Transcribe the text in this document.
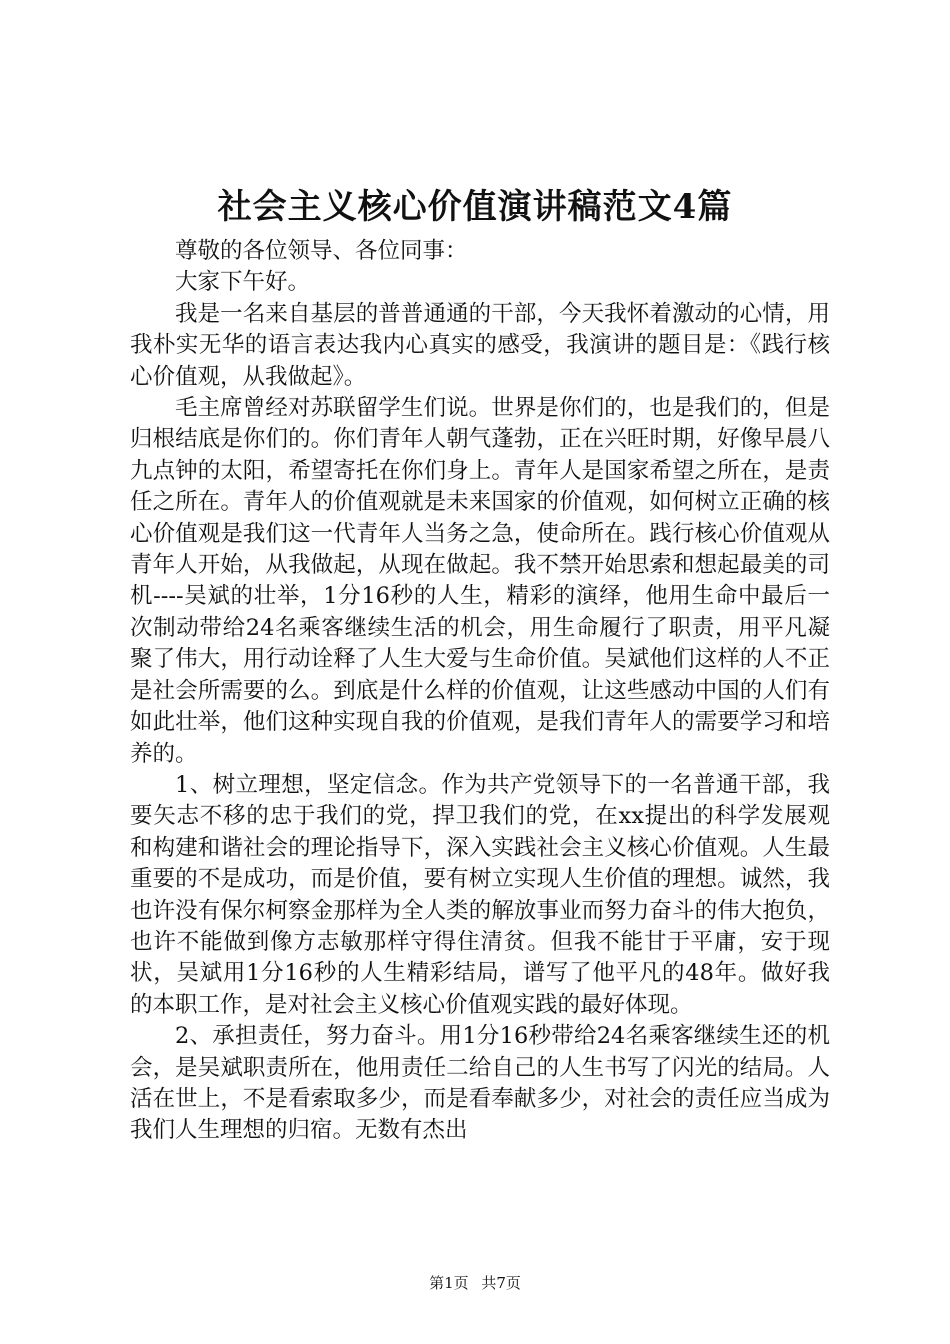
社会主义核心价值演讲稿范文4篇

尊敬的各位领导、各位同事：

大家下午好。

我是一名来自基层的普普通通的干部，今天我怀着激动的心情，用我朴实无华的语言表达我内心真实的感受，我演讲的题目是：《践行核心价值观，从我做起》。

毛主席曾经对苏联留学生们说。世界是你们的，也是我们的，但是归根结底是你们的。你们青年人朝气蓬勃，正在兴旺时期，好像早晨八九点钟的太阳，希望寄托在你们身上。青年人是国家希望之所在，是责任之所在。青年人的价值观就是未来国家的价值观，如何树立正确的核心价值观是我们这一代青年人当务之急，使命所在。践行核心价值观从青年人开始，从我做起，从现在做起。我不禁开始思索和想起最美的司机----吴斌的壮举，1分16秒的人生，精彩的演绎，他用生命中最后一次制动带给24名乘客继续生活的机会，用生命履行了职责，用平凡凝聚了伟大，用行动诠释了人生大爱与生命价值。吴斌他们这样的人不正是社会所需要的么。到底是什么样的价值观，让这些感动中国的人们有如此壮举，他们这种实现自我的价值观，是我们青年人的需要学习和培养的。

1、树立理想，坚定信念。作为共产党领导下的一名普通干部，我要矢志不移的忠于我们的党，捍卫我们的党，在xx提出的科学发展观和构建和谐社会的理论指导下，深入实践社会主义核心价值观。人生最重要的不是成功，而是价值，要有树立实现人生价值的理想。诚然，我也许没有保尔柯察金那样为全人类的解放事业而努力奋斗的伟大抱负，也许不能做到像方志敏那样守得住清贫。但我不能甘于平庸，安于现状，吴斌用1分16秒的人生精彩结局，谱写了他平凡的48年。做好我的本职工作，是对社会主义核心价值观实践的最好体现。

2、承担责任，努力奋斗。用1分16秒带给24名乘客继续生还的机会，是吴斌职责所在，他用责任二给自己的人生书写了闪光的结局。人活在世上，不是看索取多少，而是看奉献多少，对社会的责任应当成为我们人生理想的归宿。无数有杰出

第1页 共7页
